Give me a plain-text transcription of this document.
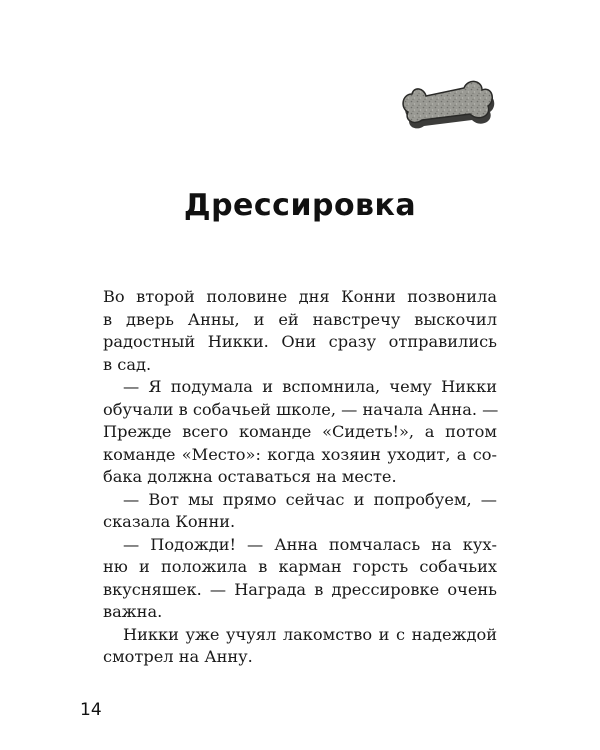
Дрессировка
Во второй половине дня Конни позвонила
в дверь Анны, и ей навстречу выскочил
радостный Никки. Они сразу отправились
в сад.
— Я подумала и вспомнила, чему Никки
обучали в собачьей школе, — начала Анна. —
Прежде всего команде «Сидеть!», а потом
команде «Место»: когда хозяин уходит, а со-
бака должна оставаться на месте.
— Вот мы прямо сейчас и попробуем, —
сказала Конни.
— Подожди! — Анна помчалась на кух-
ню и положила в карман горсть собачьих
вкусняшек. — Награда в дрессировке очень
важна.
Никки уже учуял лакомство и с надеждой
смотрел на Анну.
14
